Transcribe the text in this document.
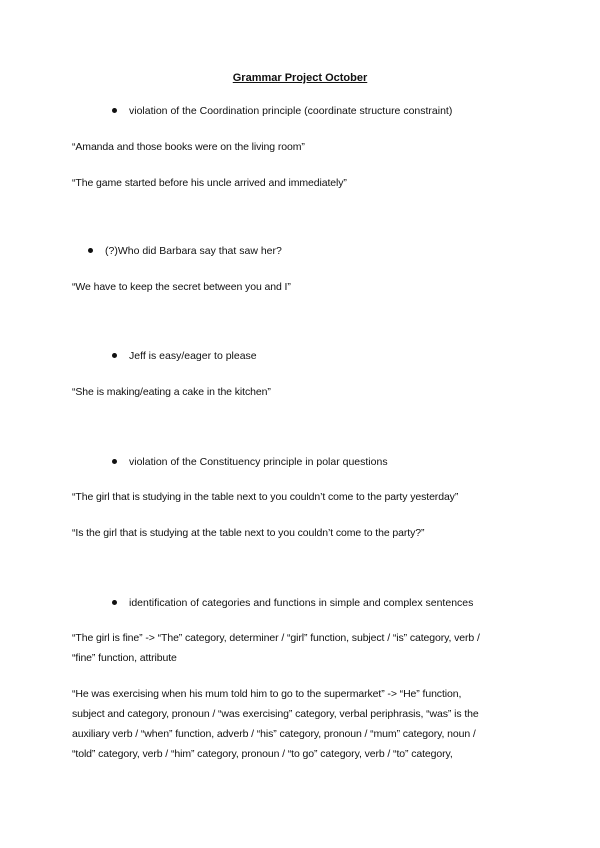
Grammar Project October
violation of the Coordination principle (coordinate structure constraint)
“Amanda and those books were on the living room”
“The game started before his uncle arrived and immediately”
(?)Who did Barbara say that saw her?
“We have to keep the secret between you and I”
Jeff is easy/eager to please
“She is making/eating a cake in the kitchen”
violation of the Constituency principle in polar questions
“The girl that is studying in the table next to you couldn’t come to the party yesterday”
“Is the girl that is studying at the table next to you couldn’t come to the party?”
identification of categories and functions in simple and complex sentences
“The girl is fine” -> “The” category, determiner / “girl” function, subject / “is” category, verb /
“fine” function, attribute
“He was exercising when his mum told him to go to the supermarket” -> “He” function,
subject and category, pronoun / “was exercising” category, verbal periphrasis, “was” is the
auxiliary verb / “when” function, adverb / “his” category, pronoun / “mum” category, noun /
“told” category, verb / “him” category, pronoun / “to go” category, verb / “to” category,
